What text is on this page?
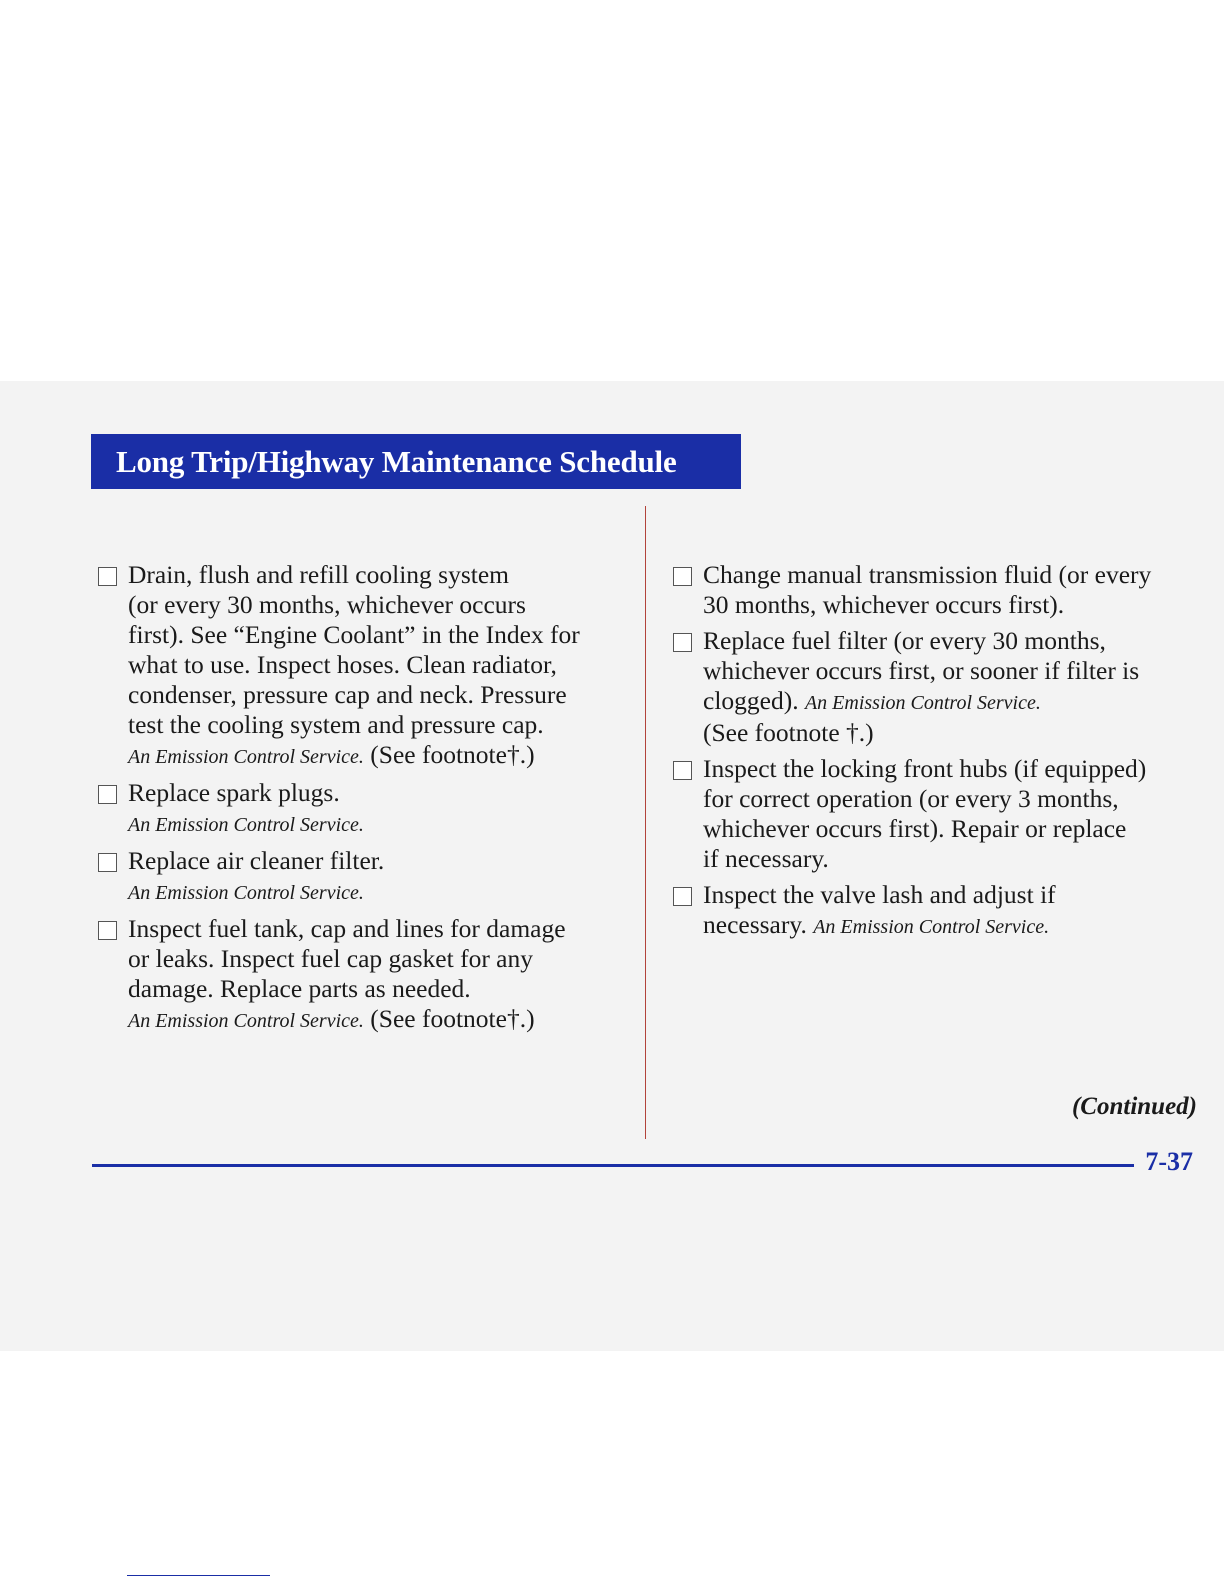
Long Trip/Highway Maintenance Schedule
Drain, flush and refill cooling system
(or every 30 months, whichever occurs
first). See “Engine Coolant” in the Index for
what to use. Inspect hoses. Clean radiator,
condenser, pressure cap and neck. Pressure
test the cooling system and pressure cap.
An Emission Control Service. (See footnote†.)
Replace spark plugs.
An Emission Control Service.
Replace air cleaner filter.
An Emission Control Service.
Inspect fuel tank, cap and lines for damage
or leaks. Inspect fuel cap gasket for any
damage. Replace parts as needed.
An Emission Control Service. (See footnote†.)
Change manual transmission fluid (or every
30 months, whichever occurs first).
Replace fuel filter (or every 30 months,
whichever occurs first, or sooner if filter is
clogged). An Emission Control Service.
(See footnote †.)
Inspect the locking front hubs (if equipped)
for correct operation (or every 3 months,
whichever occurs first). Repair or replace
if necessary.
Inspect the valve lash and adjust if
necessary. An Emission Control Service.
(Continued)
7-37
